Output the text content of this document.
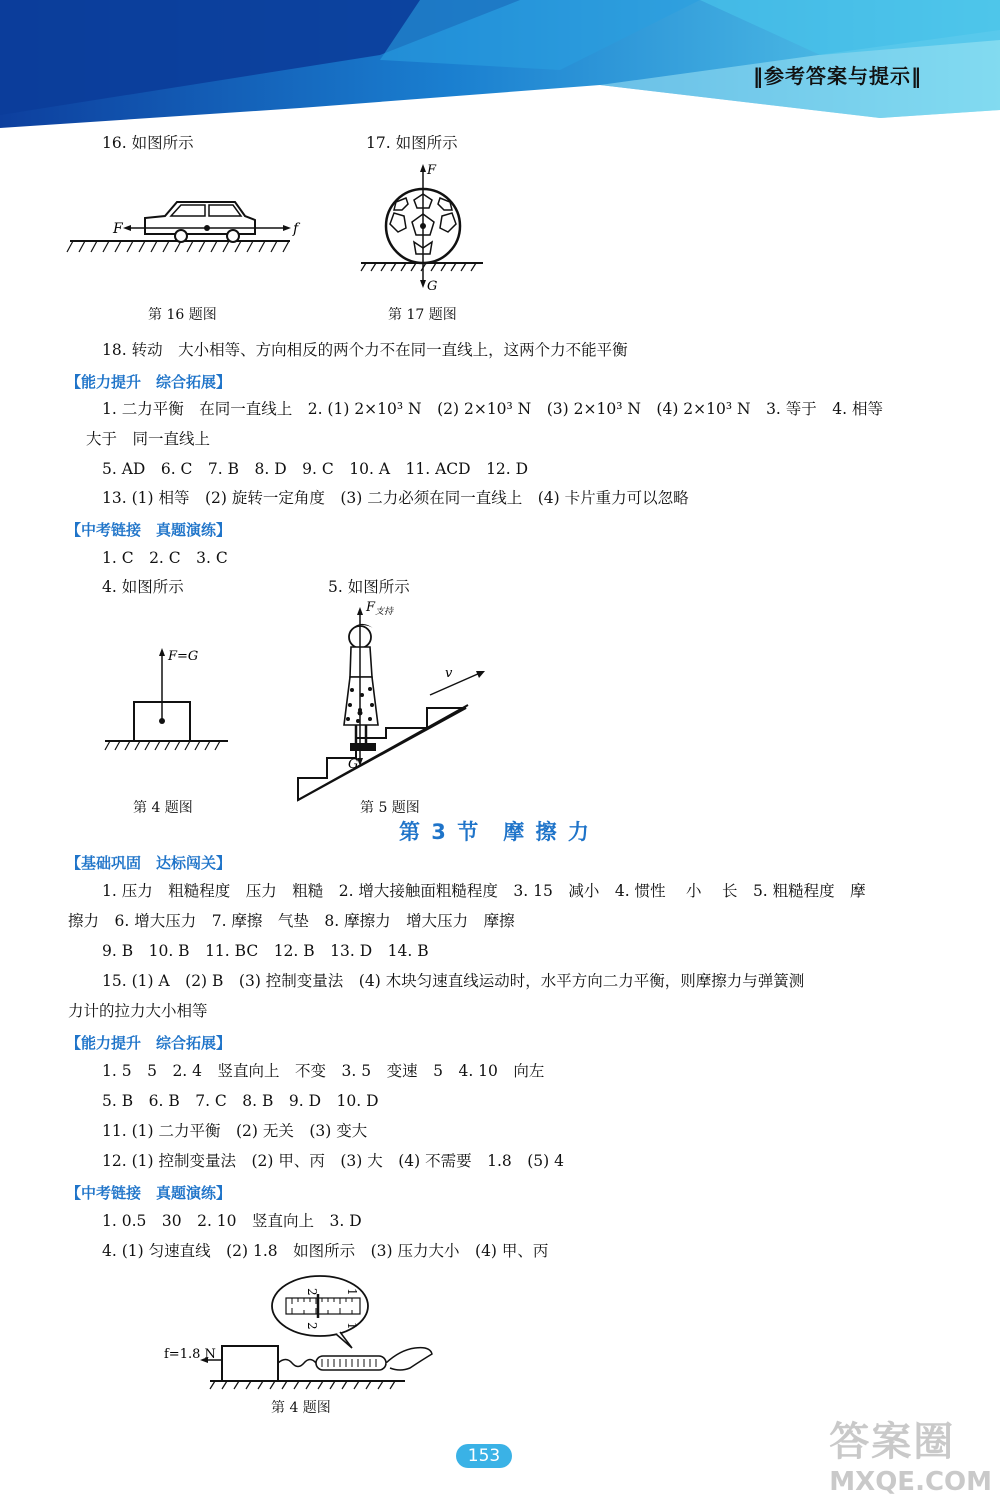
‖参考答案与提示‖
16. 如图所示	17. 如图所示
F	f
F
G
第 16 题图	第 17 题图
18. 转动　大小相等、方向相反的两个力不在同一直线上，这两个力不能平衡
【能力提升　综合拓展】
1. 二力平衡　在同一直线上　2. (1) 2×10³ N　(2) 2×10³ N　(3) 2×10³ N　(4) 2×10³ N　3. 等于　4. 相等
大于　同一直线上
5. AD　6. C　7. B　8. D　9. C　10. A　11. ACD　12. D
13. (1) 相等　(2) 旋转一定角度　(3) 二力必须在同一直线上　(4) 卡片重力可以忽略
【中考链接　真题演练】
1. C　2. C　3. C
4. 如图所示	5. 如图所示
F=G
$F_{支持}$
G
v
第 4 题图	第 5 题图
第 3 节　摩 擦 力
【基础巩固　达标闯关】
1. 压力　粗糙程度　压力　粗糙　2. 增大接触面粗糙程度　3. 15　减小　4. 惯性　 小　 长　5. 粗糙程度　摩
擦力　6. 增大压力　7. 摩擦　气垫　8. 摩擦力　增大压力　摩擦
9. B　10. B　11. BC　12. B　13. D　14. B
15. (1) A　(2) B　(3) 控制变量法　(4) 木块匀速直线运动时，水平方向二力平衡，则摩擦力与弹簧测
力计的拉力大小相等
【能力提升　综合拓展】
1. 5　5　2. 4　竖直向上　不变　3. 5　变速　5　4. 10　向左
5. B　6. B　7. C　8. B　9. D　10. D
11. (1) 二力平衡　(2) 无关　(3) 变大
12. (1) 控制变量法　(2) 甲、丙　(3) 大　(4) 不需要　1.8　(5) 4
【中考链接　真题演练】
1. 0.5　30　2. 10　竖直向上　3. D
4. (1) 匀速直线　(2) 1.8　如图所示　(3) 压力大小　(4) 甲、丙
f=1.8 N
2 1
2 1
第 4 题图
153	答案圈
MXQE.COM
